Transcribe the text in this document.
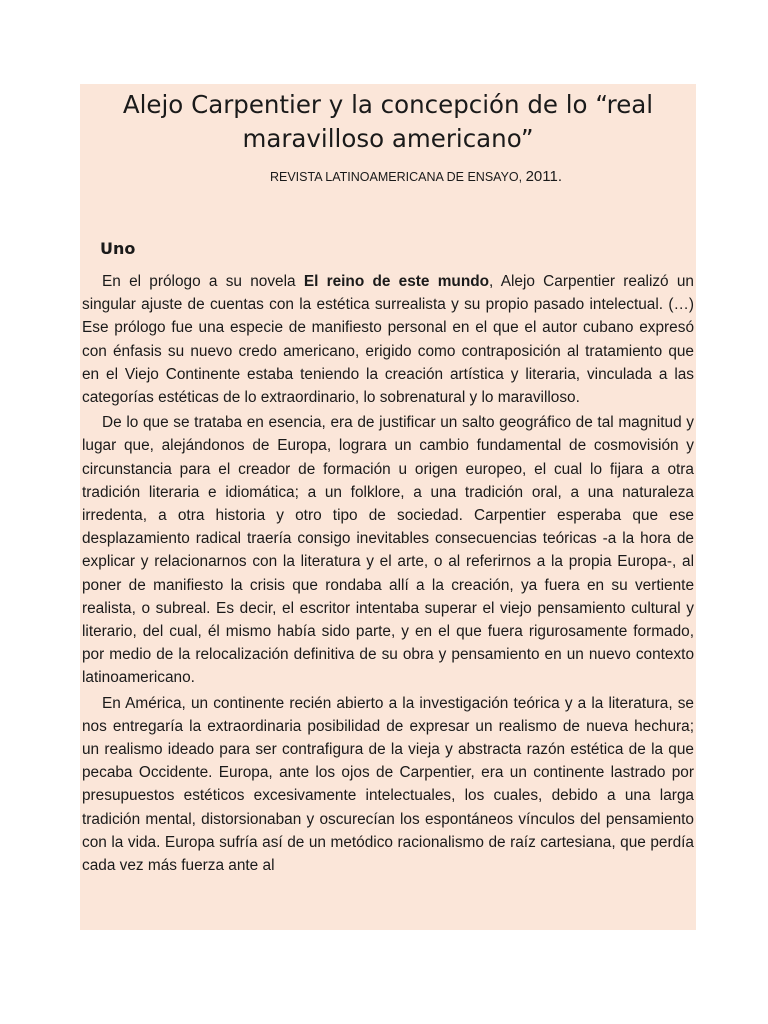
Alejo Carpentier y la concepción de lo “real
maravilloso americano”

REVISTA LATINOAMERICANA DE ENSAYO, 2011.

Uno

En el prólogo a su novela El reino de este mundo, Alejo Carpentier realizó un singular ajuste de cuentas con la estética surrealista y su propio pasado intelectual. (…) Ese prólogo fue una especie de manifiesto personal en el que el autor cubano expresó con énfasis su nuevo credo americano, erigido como contraposición al tratamiento que en el Viejo Continente estaba teniendo la creación artística y literaria, vinculada a las categorías estéticas de lo extraordinario, lo sobrenatural y lo maravilloso.

De lo que se trataba en esencia, era de justificar un salto geográfico de tal magnitud y lugar que, alejándonos de Europa, lograra un cambio fundamental de cosmovisión y circunstancia para el creador de formación u origen europeo, el cual lo fijara a otra tradición literaria e idiomática; a un folklore, a una tradición oral, a una naturaleza irredenta, a otra historia y otro tipo de sociedad. Carpentier esperaba que ese desplazamiento radical traería consigo inevitables consecuencias teóricas -a la hora de explicar y relacionarnos con la literatura y el arte, o al referirnos a la propia Europa-, al poner de manifiesto la crisis que rondaba allí a la creación, ya fuera en su vertiente realista, o subreal. Es decir, el escritor intentaba superar el viejo pensamiento cultural y literario, del cual, él mismo había sido parte, y en el que fuera rigurosamente formado, por medio de la relocalización definitiva de su obra y pensamiento en un nuevo contexto latinoamericano.

En América, un continente recién abierto a la investigación teórica y a la literatura, se nos entregaría la extraordinaria posibilidad de expresar un realismo de nueva hechura; un realismo ideado para ser contrafigura de la vieja y abstracta razón estética de la que pecaba Occidente. Europa, ante los ojos de Carpentier, era un continente lastrado por presupuestos estéticos excesivamente intelectuales, los cuales, debido a una larga tradición mental, distorsionaban y oscurecían los espontáneos vínculos del pensamiento con la vida. Europa sufría así de un metódico racionalismo de raíz cartesiana, que perdía cada vez más fuerza ante al
